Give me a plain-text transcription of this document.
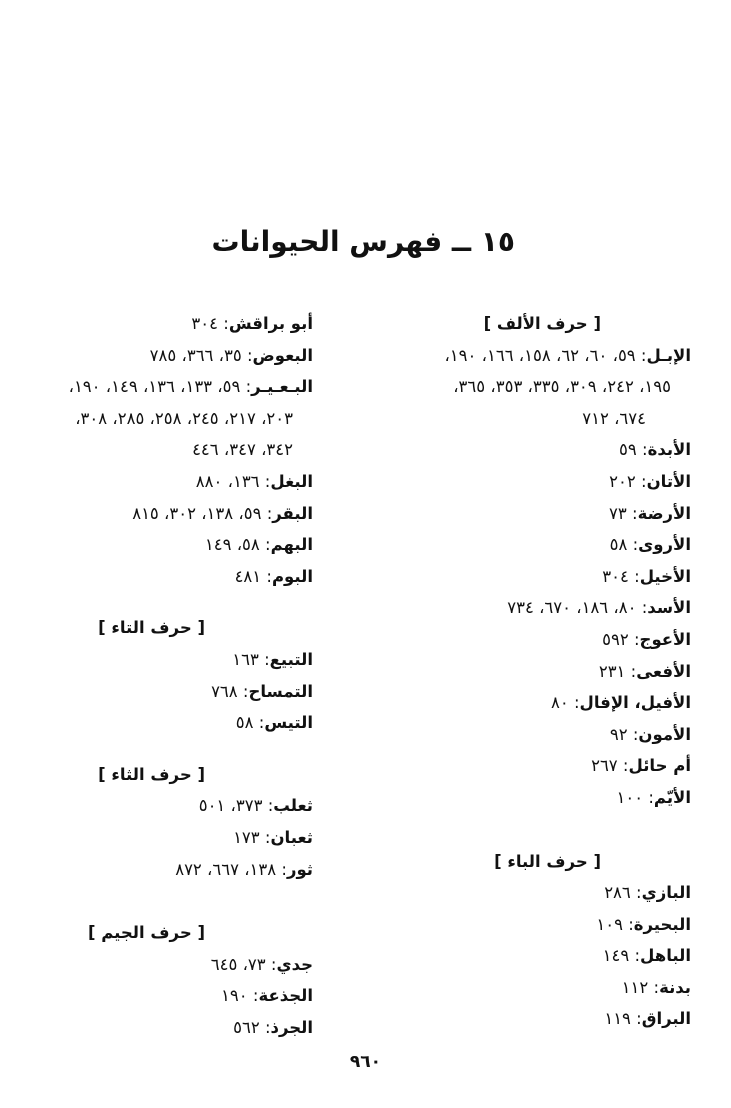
١٥ ــ فهرس الحيوانات
[ حرف الألف ]
الإبـل: ٥٩، ٦٠، ٦٢، ١٥٨، ١٦٦، ١٩٠،
١٩٥، ٢٤٢، ٣٠٩، ٣٣٥، ٣٥٣، ٣٦٥،
٦٧٤، ٧١٢
الأبدة: ٥٩
الأتان: ٢٠٢
الأرضة: ٧٣
الأروى: ٥٨
الأخيل: ٣٠٤
الأسد: ٨٠، ١٨٦، ٦٧٠، ٧٣٤
الأعوج: ٥٩٢
الأفعى: ٢٣١
الأفيل، الإفال: ٨٠
الأمون: ٩٢
أم حائل: ٢٦٧
الأيّم: ١٠٠
[ حرف الباء ]
البازي: ٢٨٦
البحيرة: ١٠٩
الباهل: ١٤٩
بدنة: ١١٢
البراق: ١١٩
أبو براقش: ٣٠٤
البعوض: ٣٥، ٣٦٦، ٧٨٥
البـعـيـر: ٥٩، ١٣٣، ١٣٦، ١٤٩، ١٩٠،
٢٠٣، ٢١٧، ٢٤٥، ٢٥٨، ٢٨٥، ٣٠٨،
٣٤٢، ٣٤٧، ٤٤٦
البغل: ١٣٦، ٨٨٠
البقر: ٥٩، ١٣٨، ٣٠٢، ٨١٥
البهم: ٥٨، ١٤٩
البوم: ٤٨١
[ حرف التاء ]
التبيع: ١٦٣
التمساح: ٧٦٨
التيس: ٥٨
[ حرف الثاء ]
ثعلب: ٣٧٣، ٥٠١
ثعبان: ١٧٣
ثور: ١٣٨، ٦٦٧، ٨٧٢
[ حرف الجيم ]
جدي: ٧٣، ٦٤٥
الجذعة: ١٩٠
الجرذ: ٥٦٢
٩٦٠
